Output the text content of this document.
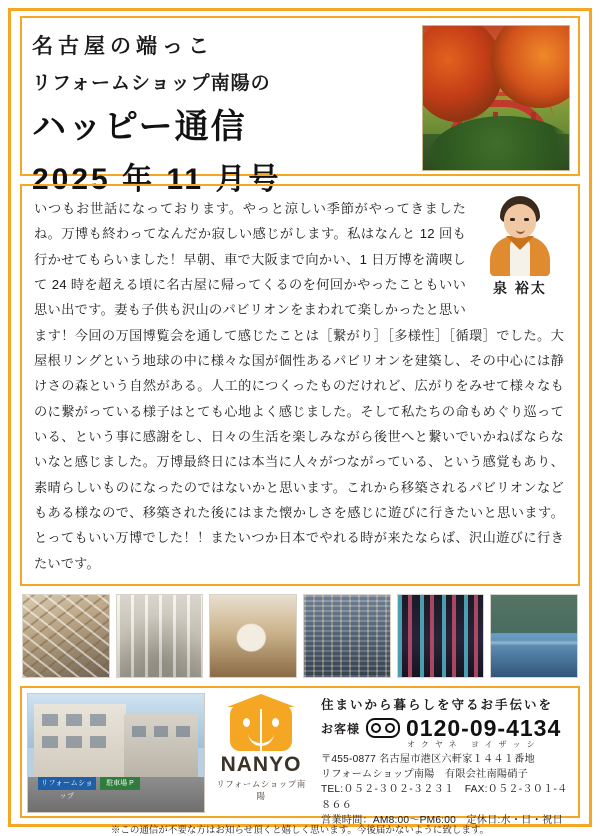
名古屋の端っこ
リフォームショップ南陽の
ハッピー通信
2025 年 11 月号
泉 裕太
いつもお世話になっております。やっと涼しい季節がやってきましたね。万博も終わってなんだか寂しい感じがします。私はなんと 12 回も行かせてもらいました！早朝、車で大阪まで向かい、1 日万博を満喫して 24 時を超える頃に名古屋に帰ってくるのを何回かやったこともいい思い出です。妻も子供も沢山のパビリオンをまわれて楽しかったと思います！今回の万国博覧会を通して感じたことは［繋がり］［多様性］［循環］でした。大屋根リングという地球の中に様々な国が個性あるパビリオンを建築し、その中心には静けさの森という自然がある。人工的につくったものだけれど、広がりをみせて様々なものに繋がっている様子はとても心地よく感じました。そして私たちの命もめぐり巡っている、という事に感謝をし、日々の生活を楽しみながら後世へと繋いでいかねばならないなと感じました。万博最終日には本当に人々がつながっている、という感覚もあり、素晴らしいものになったのではないかと思います。これから移築されるパビリオンなどもある様なので、移築された後にはまた懐かしさを感じに遊びに行きたいと思います。とってもいい万博でした！！またいつか日本でやれる時が来たならば、沢山遊びに行きたいです。
リフォームショップ
駐車場 P
NANYO
リフォームショップ南陽
住まいから暮らしを守るお手伝いを
お客様 0120-09-4134
オクヤネ ヨイザッシ
〒455-0877 名古屋市港区六軒家１４４１番地
リフォームショップ南陽　有限会社南陽硝子
TEL:０５２-３０２-３２３１　FAX:０５２-３０１-４８６６
営業時間：AM8:00～PM6:00　定休日:水・日・祝日
※この通信が不要な方はお知らせ頂くと嬉しく思います。今後届かないように致します。
